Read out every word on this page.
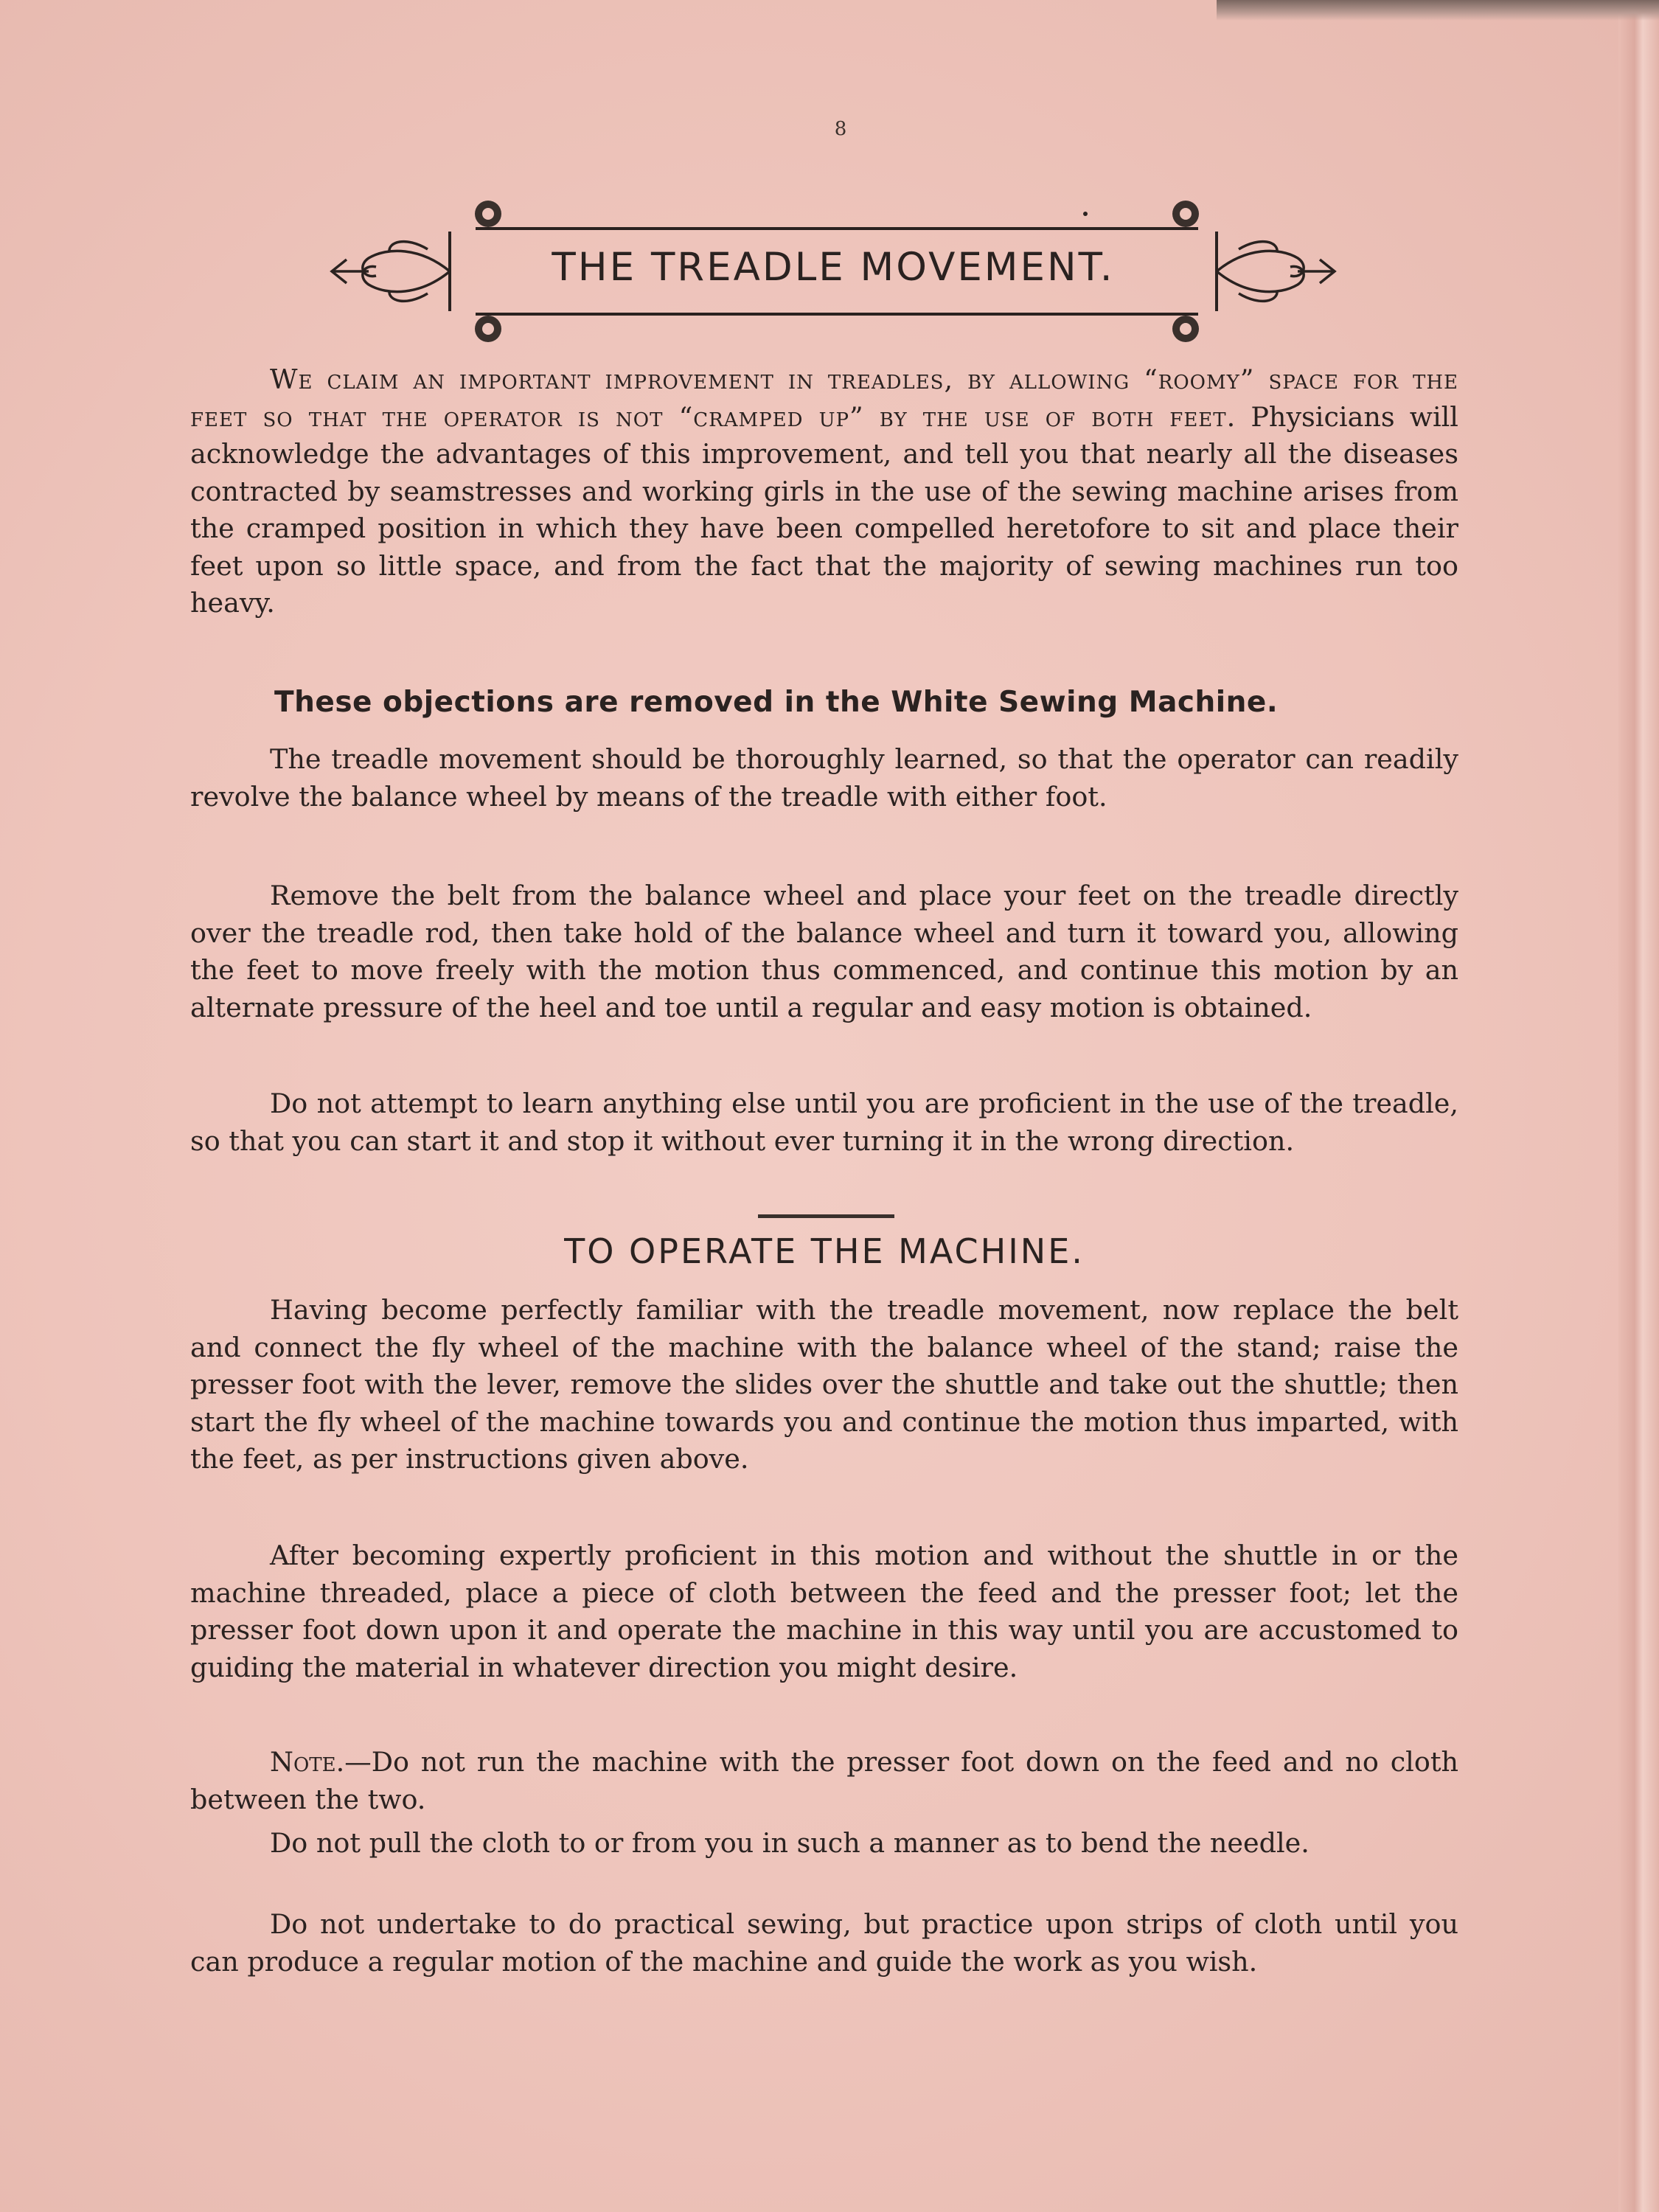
8
THE TREADLE MOVEMENT.
We claim an important improvement in treadles, by allowing “roomy” space for the feet so that the operator is not “cramped up” by the use of both feet. Physicians will acknowledge the advantages of this improvement, and tell you that nearly all the diseases contracted by seamstresses and working girls in the use of the sewing machine arises from the cramped position in which they have been compelled heretofore to sit and place their feet upon so little space, and from the fact that the majority of sewing machines run too heavy.
These objections are removed in the White Sewing Machine.
The treadle movement should be thoroughly learned, so that the operator can readily revolve the balance wheel by means of the treadle with either foot.
Remove the belt from the balance wheel and place your feet on the treadle directly over the treadle rod, then take hold of the balance wheel and turn it toward you, allowing the feet to move freely with the motion thus commenced, and continue this motion by an alternate pressure of the heel and toe until a regular and easy motion is obtained.
Do not attempt to learn anything else until you are proficient in the use of the treadle, so that you can start it and stop it without ever turning it in the wrong direction.
TO OPERATE THE MACHINE.
Having become perfectly familiar with the treadle movement, now replace the belt and connect the fly wheel of the machine with the balance wheel of the stand; raise the presser foot with the lever, remove the slides over the shuttle and take out the shuttle; then start the fly wheel of the machine towards you and continue the motion thus imparted, with the feet, as per instructions given above.
After becoming expertly proficient in this motion and without the shuttle in or the machine threaded, place a piece of cloth between the feed and the presser foot; let the presser foot down upon it and operate the machine in this way until you are accustomed to guiding the material in whatever direction you might desire.
Note.—Do not run the machine with the presser foot down on the feed and no cloth between the two.
Do not pull the cloth to or from you in such a manner as to bend the needle.
Do not undertake to do practical sewing, but practice upon strips of cloth until you can produce a regular motion of the machine and guide the work as you wish.
